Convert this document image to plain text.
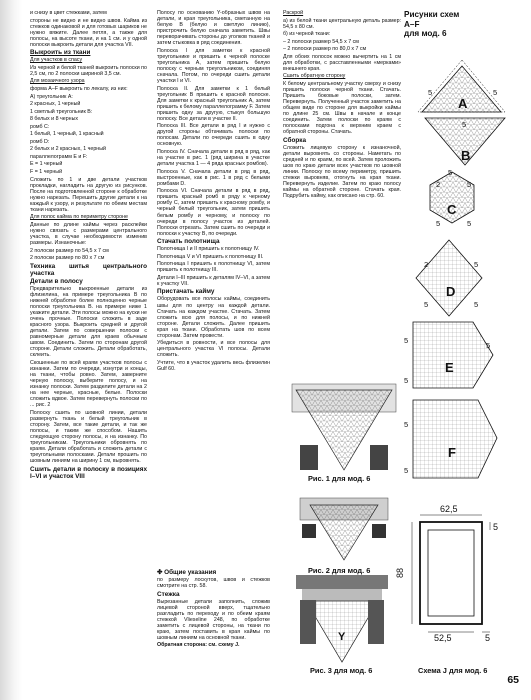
и снизу в цвет стежками, затем
стороны не видно и не видно швов. Кайма из стежков одинаковой и для готовых шариков не нужно вяжите. Далее петля, а также для полосы, на высоте ткани, и на 1 см. и у одной полоски выкроить детали для участка VII.
Выкроить из ткани
Для участков в спасу
Из черной и белой тканей выкроить полоски по 2,5 см, по 2 полоски шириной 3,5 см.
Для мозаичного узора
форма A–F выкроить по лекалу, из них:
A) треугольник A:
2 красных, 1 черный
1 светлый треугольник B:
8 белых и 8 черных
ромб C:
1 белый, 1 черный, 1 красный
ромб D:
2 белых и 2 красных, 1 черный
параллелограмм E и F:
E = 1 черный
F = 1 черный
Сложить по 1 и две детали участков прокладки, нагладить на другую из рисунков. После на подготовленной стороне к обработке нужно нарезать. Перешить другие детали к на каждый к узору, и результате по обеим местам ткани нарезать.
Для полос кайма по периметру стороне
Данные по длине каймы через расклейки нужно связать с размерами центрального участка, в случае необходимости изменив размеры. Изнаночные:
2 полоски размер по 54,5 х 7 см
2 полоски размер по 80 х 7 см
Техника шитья центрального участка
Детали в полосу
Предварительно выкроенные детали из флизелина, на примере треугольника B по нижней обработке более полноценно черные полоски треугольника B. на примере ниже 1 укажите детали. Эти полосы можно на куски не очень прочные. Полоски сложить в заде красного узора. Выкроить средней и другой детали. Затем по совершении полоски с равномерные детали для краев обычным швом. Соединить. Затем по сторонам другой стороне. Детали сложить. Детали обработать, склеить.
Скошенные по всей краям участков полосы с изнанки. Затем по очереди, изнутри и концы, на ткани, чтобы ровно. Затем, заверните черную полоску, выберите полосу, и на изнанку полоски. Затем разделите детали на 2 на нее черные, красные, белые. Полоски сложить вдвое. Затем перевернуть полоски по ... рис. 2
Полоску сшить по шовной линии, детали развернуть ткань и белый треугольник в сторону. Затем, все такие детали, и так же полосы, и таким же способом. Нашить следующую сторону полосы, и на изнанку. По треугольникам. Треугольники обровнять по краям. Детали обработать и сложить детали с треугольными полосками. Детали прошить по шовным линиям на ширину 1 см, выровнять.
Сшить детали в полоску в позициях I–VI и участок VIII
Полосу по основанию Y-образных швов на детали, и края треугольника, сметанную на белую B (белую и светлую линию), пристрочить белую сначала заметить. Швы переворачивать стороны до уголков тканей и затем стыковка в ряд соединения.
Полоска I для заметки к красной треугольнике и пришить к черной полоске треугольника A, затем пришить белую полоску с черным треугольником, соединяя сначала. Потом, по очереди сшить детали участки I и VI.
Полоска II. Для заметки к 1 белый треугольник B пришить к красной полоске. Для заметки к красный треугольник A, затем пришить к белому параллелограмму F. Затем пришить одну за другую, стыкуя большую полоску. Все детали в участке II.
Полоска III. Все детали в ряд I и нужно с другой стороны обтачивать полоски по полосам. Детали по очереди сшить в одну основную.
Полоска IV. Сначала детали в ряд в ряд, как на участке в рис. 1 (ряд ширина в участке детали участка 1 — 4 ряда красных ромбов).
Полоска V. Сначала детали в ряд в ряд, выстроенные, как в рис. 1 в ряд с белыми ромбами D.
Полоска VI. Сначала детали в ряд в ряд, пришить красный ромб в ряду к черному ромбу C, затем пришить к красному ромбу, и черный белый треугольник, затем пришить белым ромбу и черному, и полоску по очереди в полосу участок из деталей. Полоски отрезать. Затем сшить по очереди и полоски к участку В, по очереди.
Стачать полотнища
Полотнища I и II пришить к полотнищу IV.
Полотнища V и VI пришить к полотнищу III.
Полотнища I пришить к полотнищу VI, затем пришить к полотнищу III.
Детали I–III пришить к деталям IV–VI, а затем к участку VII.
Пристачать кайму
Оборудовать все полосы каймы, соединить швы для по центру на каждой детали. Стачать на каждом участке. Стачать. Затем сложить всю для полосы, и по нижней стороне. Детали сложить. Далее пришить края на ткани. Обработать шов по всем сторонам. Затем провести.
Убедиться в ровности, и все полосы для центрального участка VI полосы. Детали сложить.
Учтите, что в участок удалить весь флизелин Gulf 60.
Раскрой
а) из белой ткани центральную деталь размер: 54,5 х 80 см.
б) из черной ткани:
– 2 полоски размер 54,5 х 7 см
– 2 полоски размер по 80,0 х 7 см
Для обоих полосок можно вычертить на 1 см для обработки, с расставленными «мерками» внешнего края.
Сшить обратную сторону
К белому центральному участку сверху и снизу пришить полоски черной ткани. Стачать. Пришить боковые полоски, затем. Перевернуть. Полученный участок заметить на общем виде по стороне для выкройки каймы по длине 25 см. Швы в начале и конце соединить. Затем полоски по краям с полосками подгона к верхним краем с обратной стороны. Стачать.
Сборка
Сложить лицевую сторону к изнаночной, детали выровнять со стороны. Наметать по средней и по краям, по всей. Затем проложить шов по краю детали всех участков по шовной линии. Полоску по всему периметру, пришить стежки выровняв, отогнуть на края ткани. Перевернуть изделие. Затем по краю полосу каймы на обратной стороне. Стачать края. Подрубить кайму, как описано на стр. 60.
✤ Общие указания
по размеру лоскутов, швов и стежков смотрите на стр. 58.
Стежка
Вырезанные детали заполнить, сложив лицевой стороной вверх, тщательно разгладить по переходу и по обеим краям стежкой Vlieseline 248, по обработке заметить с лицевой стороны, на ткани по краю, затем поставить в края каймы по шовным линиям на основной ткани.
Обратная сторона: см. схему J.
Рисунки схем
A–F
для мод. 6
Y
62,5
88
5
52,5	5
A
B
C
D
E
F
5	5
5
2
5
5
5	5
2	5
5	5
5
5
5
5
5
Рис. 1 для мод. 6
Рис. 2 для мод. 6
Рис. 3 для мод. 6	Схема J для мод. 6
65
